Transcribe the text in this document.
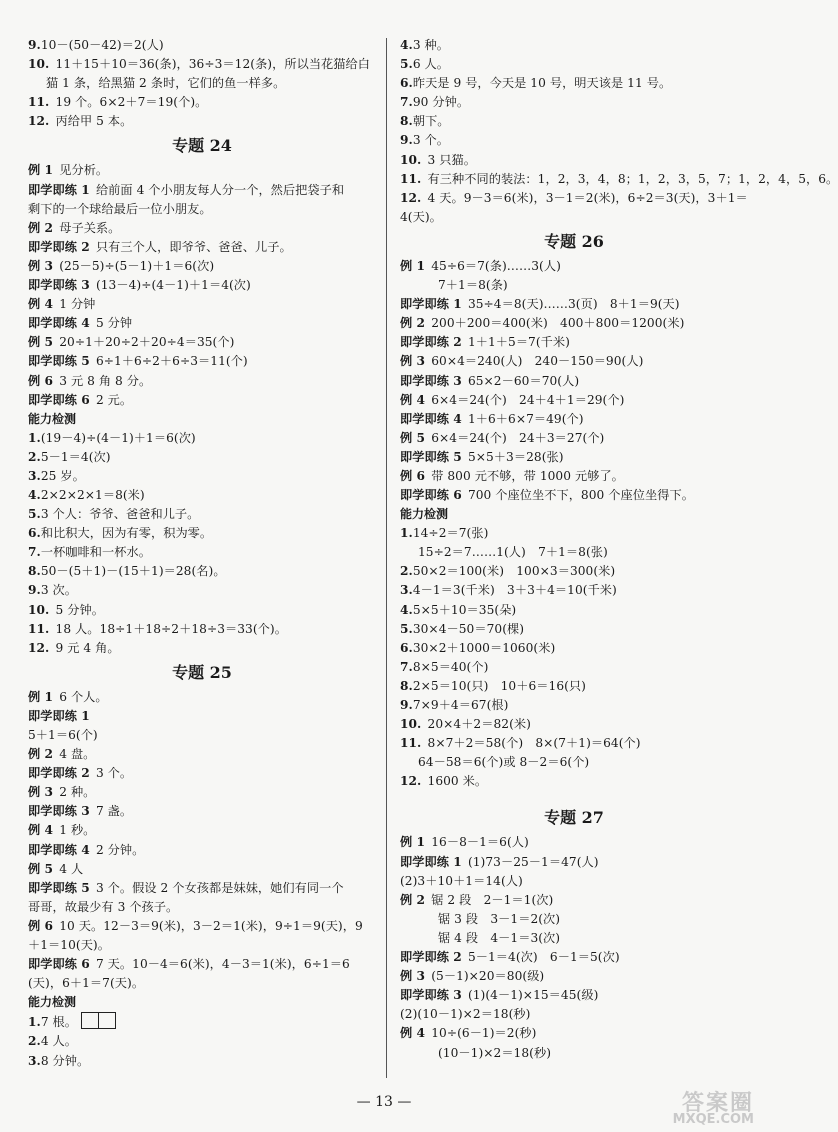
9.10－(50－42)＝2(人)
10.  11＋15＋10＝36(条)，36÷3＝12(条)，所以当花猫给白
猫 1 条，给黑猫 2 条时，它们的鱼一样多。
11.  19 个。6×2＋7＝19(个)。
12.  丙给甲 5 本。
专题 24
例 1  见分析。
即学即练 1  给前面 4 个小朋友每人分一个，然后把袋子和
剩下的一个球给最后一位小朋友。
例 2  母子关系。
即学即练 2  只有三个人，即爷爷、爸爸、儿子。
例 3  (25－5)÷(5－1)＋1＝6(次)
即学即练 3  (13－4)÷(4－1)＋1＝4(次)
例 4  1 分钟
即学即练 4  5 分钟
例 5  20÷1＋20÷2＋20÷4＝35(个)
即学即练 5  6÷1＋6÷2＋6÷3＝11(个)
例 6  3 元 8 角 8 分。
即学即练 6  2 元。
能力检测
1.(19－4)÷(4－1)＋1＝6(次)
2.5－1＝4(次)
3.25 岁。
4.2×2×2×1＝8(米)
5.3 个人：爷爷、爸爸和儿子。
6.和比积大，因为有零，积为零。
7.一杯咖啡和一杯水。
8.50－(5＋1)－(15＋1)＝28(名)。
9.3 次。
10.  5 分钟。
11.  18 人。18÷1＋18÷2＋18÷3＝33(个)。
12.  9 元 4 角。
专题 25
例 1  6 个人。
即学即练 1 
5＋1＝6(个)
例 2  4 盘。
即学即练 2  3 个。
例 3  2 种。
即学即练 3  7 盏。
例 4  1 秒。
即学即练 4  2 分钟。
例 5  4 人
即学即练 5  3 个。假设 2 个女孩都是妹妹，她们有同一个
哥哥，故最少有 3 个孩子。
例 6  10 天。12－3＝9(米)，3－2＝1(米)，9÷1＝9(天)，9
＋1＝10(天)。
即学即练 6  7 天。10－4＝6(米)，4－3＝1(米)，6÷1＝6
(天)，6＋1＝7(天)。
能力检测
1.7 根。
2.4 人。
3.8 分钟。
4.3 种。
5.6 人。
6.昨天是 9 号，今天是 10 号，明天该是 11 号。
7.90 分钟。
8.朝下。
9.3 个。
10.  3 只猫。
11.  有三种不同的装法：1，2，3，4，8；1，2，3，5，7；1，2，4，5，6。
12.  4 天。9－3＝6(米)，3－1＝2(米)，6÷2＝3(天)，3＋1＝
4(天)。
专题 26
例 1  45÷6＝7(条)……3(人)
7＋1＝8(条)
即学即练 1  35÷4＝8(天)……3(页)　8＋1＝9(天)
例 2  200＋200＝400(米)　400＋800＝1200(米)
即学即练 2  1＋1＋5＝7(千米)
例 3  60×4＝240(人)　240－150＝90(人)
即学即练 3  65×2－60＝70(人)
例 4  6×4＝24(个)　24＋4＋1＝29(个)
即学即练 4  1＋6＋6×7＝49(个)
例 5  6×4＝24(个)　24＋3＝27(个)
即学即练 5  5×5＋3＝28(张)
例 6  带 800 元不够，带 1000 元够了。
即学即练 6  700 个座位坐不下，800 个座位坐得下。
能力检测
1.14÷2＝7(张)
15÷2＝7……1(人)　7＋1＝8(张)
2.50×2＝100(米)　100×3＝300(米)
3.4－1＝3(千米)　3＋3＋4＝10(千米)
4.5×5＋10＝35(朵)
5.30×4－50＝70(棵)
6.30×2＋1000＝1060(米)
7.8×5＝40(个)
8.2×5＝10(只)　10＋6＝16(只)
9.7×9＋4＝67(根)
10.  20×4＋2＝82(米)
11.  8×7＋2＝58(个)　8×(7＋1)＝64(个)
64－58＝6(个)或 8－2＝6(个)
12.  1600 米。
专题 27
例 1  16－8－1＝6(人)
即学即练 1  (1)73－25－1＝47(人)
(2)3＋10＋1＝14(人)
例 2  锯 2 段　2－1＝1(次)
锯 3 段　3－1＝2(次)
锯 4 段　4－1＝3(次)
即学即练 2  5－1＝4(次)　6－1＝5(次)
例 3  (5－1)×20＝80(级)
即学即练 3  (1)(4－1)×15＝45(级)
(2)(10－1)×2＝18(秒)
例 4  10÷(6－1)＝2(秒)
(10－1)×2＝18(秒)
— 13 —	答案圈
MXQE.COM
